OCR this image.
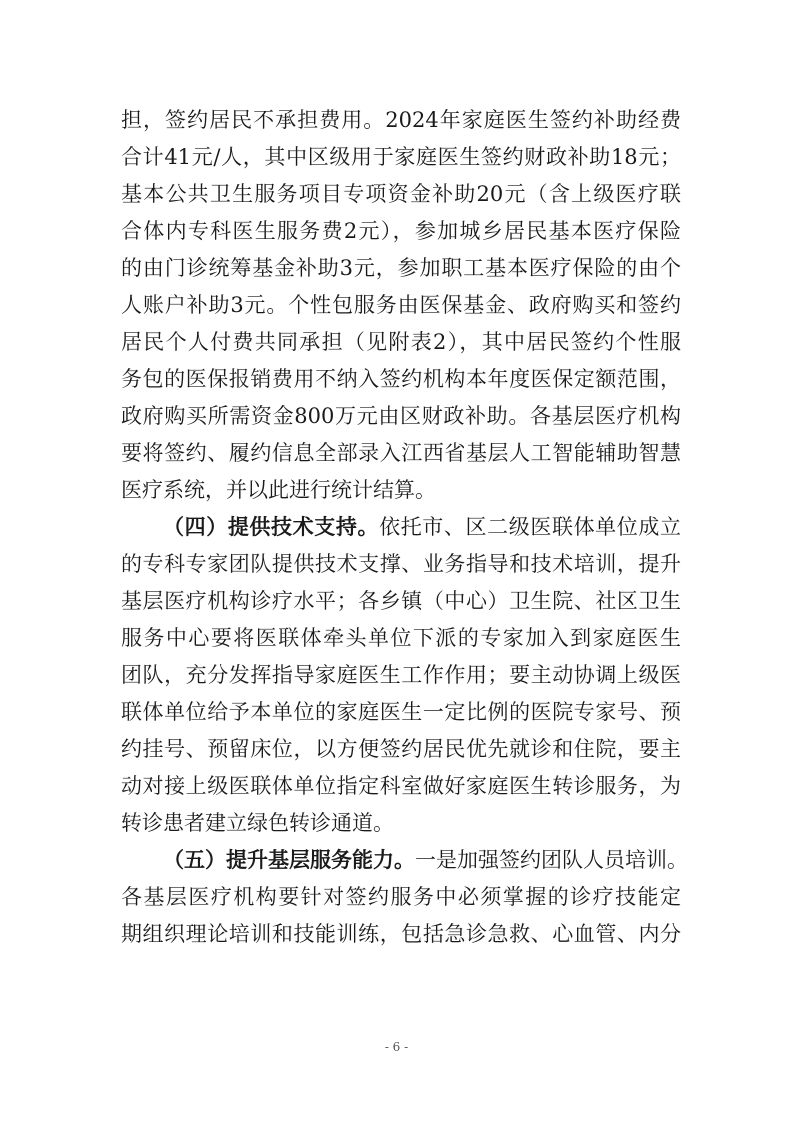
担，签约居民不承担费用。2024年家庭医生签约补助经费
合计41元/人，其中区级用于家庭医生签约财政补助18元；
基本公共卫生服务项目专项资金补助20元（含上级医疗联
合体内专科医生服务费2元），参加城乡居民基本医疗保险
的由门诊统筹基金补助3元，参加职工基本医疗保险的由个
人账户补助3元。个性包服务由医保基金、政府购买和签约
居民个人付费共同承担（见附表2），其中居民签约个性服
务包的医保报销费用不纳入签约机构本年度医保定额范围，
政府购买所需资金800万元由区财政补助。各基层医疗机构
要将签约、履约信息全部录入江西省基层人工智能辅助智慧
医疗系统，并以此进行统计结算。
（四）提供技术支持。依托市、区二级医联体单位成立
的专科专家团队提供技术支撑、业务指导和技术培训，提升
基层医疗机构诊疗水平；各乡镇（中心）卫生院、社区卫生
服务中心要将医联体牵头单位下派的专家加入到家庭医生
团队，充分发挥指导家庭医生工作作用；要主动协调上级医
联体单位给予本单位的家庭医生一定比例的医院专家号、预
约挂号、预留床位，以方便签约居民优先就诊和住院，要主
动对接上级医联体单位指定科室做好家庭医生转诊服务，为
转诊患者建立绿色转诊通道。
（五）提升基层服务能力。一是加强签约团队人员培训。
各基层医疗机构要针对签约服务中必须掌握的诊疗技能定
期组织理论培训和技能训练，包括急诊急救、心血管、内分
- 6 -
